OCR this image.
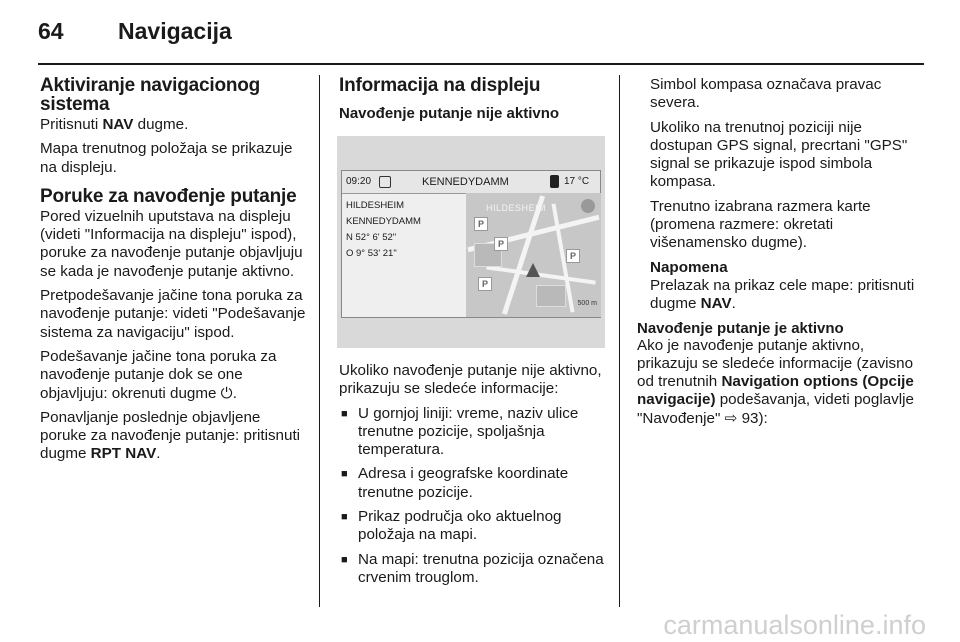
64 Navigacija
Aktiviranje navigacionog sistema

Pritisnuti NAV dugme.

Mapa trenutnog položaja se prikazuje na displeju.

Poruke za navođenje putanje

Pored vizuelnih uputstava na displeju (videti "Informacija na displeju" ispod), poruke za navođenje putanje objavljuju se kada je navođenje putanje aktivno.

Pretpodešavanje jačine tona poruka za navođenje putanje: videti "Podešavanje sistema za navigaciju" ispod.

Podešavanje jačine tona poruka za navođenje putanje dok se one objavljuju: okrenuti dugme ⏻.

Ponavljanje poslednje objavljene poruke za navođenje putanje: pritisnuti dugme RPT NAV.

Informacija na displeju
Navođenje putanje nije aktivno
09:20	KENNEDYDAMM	17 °C
HILDESHEIM
KENNEDYDAMM
N 52° 6' 52"
O 9° 53' 21"
HILDESHEIM
P
P
P
P
500 m

Ukoliko navođenje putanje nije aktivno, prikazuju se sledeće informacije:

■ U gornjoj liniji: vreme, naziv ulice trenutne pozicije, spoljašnja temperatura.
■ Adresa i geografske koordinate trenutne pozicije.
■ Prikaz područja oko aktuelnog položaja na mapi.
■ Na mapi: trenutna pozicija označena crvenim trouglom.

Simbol kompasa označava pravac severa.

Ukoliko na trenutnoj poziciji nije dostupan GPS signal, precrtani "GPS" signal se prikazuje ispod simbola kompasa.

Trenutno izabrana razmera karte (promena razmere: okretati višenamensko dugme).

Napomena

Prelazak na prikaz cele mape: pritisnuti dugme NAV.

Navođenje putanje je aktivno

Ako je navođenje putanje aktivno, prikazuju se sledeće informacije (zavisno od trenutnih Navigation options (Opcije navigacije) podešavanja, videti poglavlje "Navođenje" ⇨ 93):

carmanualsonline.info
